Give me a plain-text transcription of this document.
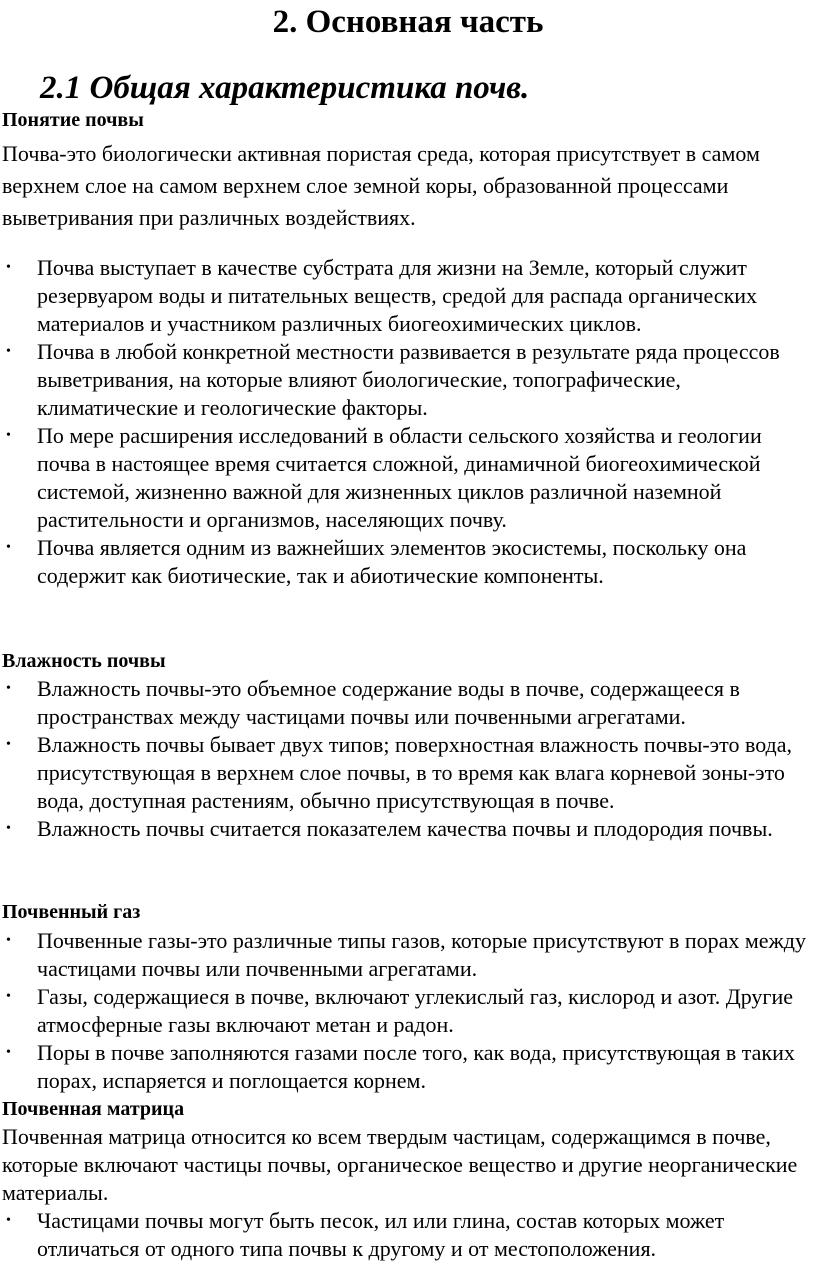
2. Основная часть
2.1 Общая характеристика почв.
Понятие почвы

Почва-это биологически активная пористая среда, которая присутствует в самом верхнем слое на самом верхнем слое земной коры, образованной процессами выветривания при различных воздействиях.

• Почва выступает в качестве субстрата для жизни на Земле, который служит резервуаром воды и питательных веществ, средой для распада органических материалов и участником различных биогеохимических циклов.
• Почва в любой конкретной местности развивается в результате ряда процессов выветривания, на которые влияют биологические, топографические, климатические и геологические факторы.
• По мере расширения исследований в области сельского хозяйства и геологии почва в настоящее время считается сложной, динамичной биогеохимической системой, жизненно важной для жизненных циклов различной наземной растительности и организмов, населяющих почву.
• Почва является одним из важнейших элементов экосистемы, поскольку она содержит как биотические, так и абиотические компоненты.
Влажность почвы
• Влажность почвы-это объемное содержание воды в почве, содержащееся в пространствах между частицами почвы или почвенными агрегатами.
• Влажность почвы бывает двух типов; поверхностная влажность почвы-это вода, присутствующая в верхнем слое почвы, в то время как влага корневой зоны-это вода, доступная растениям, обычно присутствующая в почве.
• Влажность почвы считается показателем качества почвы и плодородия почвы.
Почвенный газ
• Почвенные газы-это различные типы газов, которые присутствуют в порах между частицами почвы или почвенными агрегатами.
• Газы, содержащиеся в почве, включают углекислый газ, кислород и азот. Другие атмосферные газы включают метан и радон.
• Поры в почве заполняются газами после того, как вода, присутствующая в таких порах, испаряется и поглощается корнем.
Почвенная матрица

Почвенная матрица относится ко всем твердым частицам, содержащимся в почве, которые включают частицы почвы, органическое вещество и другие неорганические материалы.

• Частицами почвы могут быть песок, ил или глина, состав которых может отличаться от одного типа почвы к другому и от местоположения.
